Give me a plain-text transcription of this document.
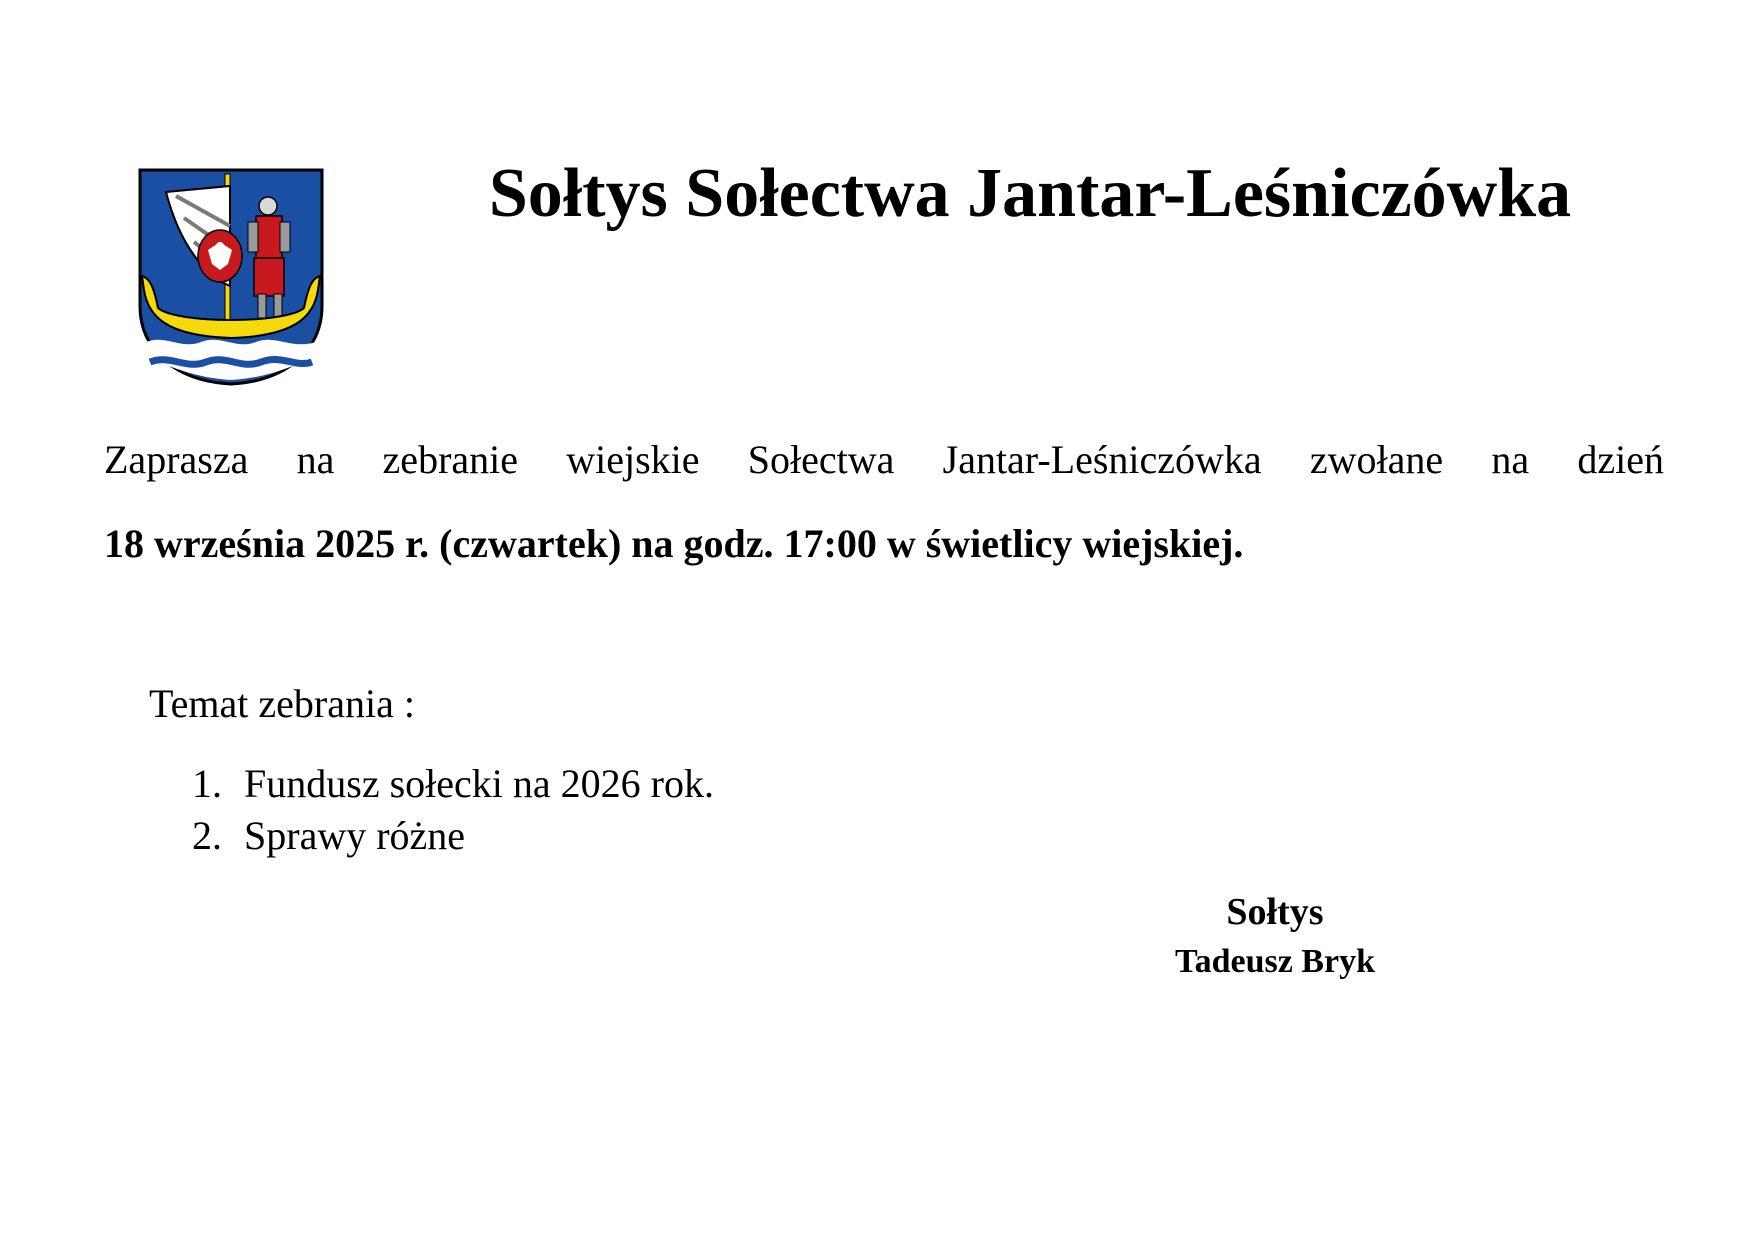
Sołtys Sołectwa Jantar-Leśniczówka

Zaprasza na zebranie wiejskie Sołectwa Jantar-Leśniczówka zwołane na dzień

18 września 2025 r. (czwartek) na godz. 17:00 w świetlicy wiejskiej.

Temat zebrania :

1. Fundusz sołecki na 2026 rok.
2. Sprawy różne

Sołtys

Tadeusz Bryk
